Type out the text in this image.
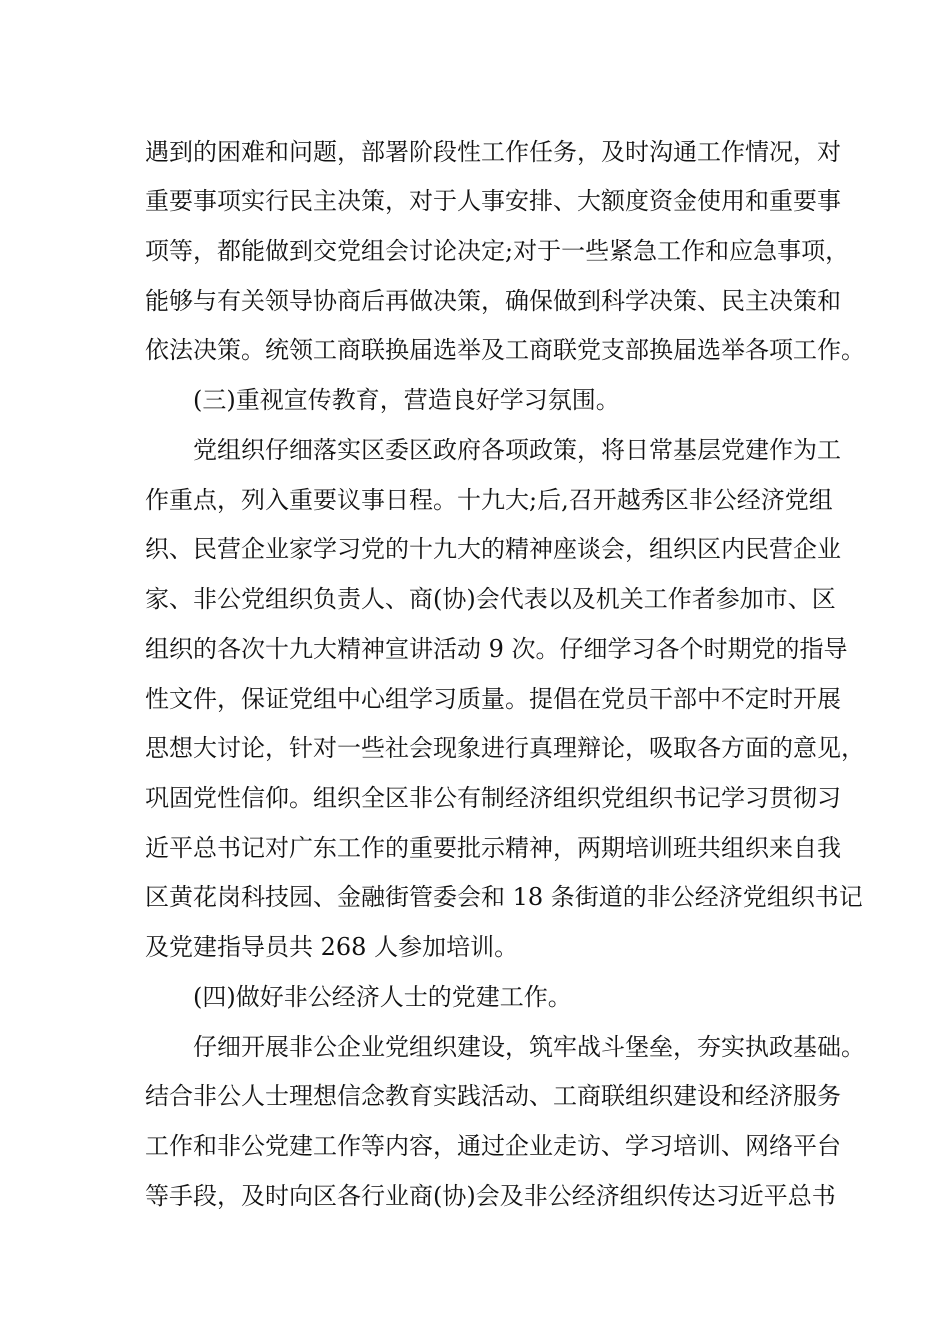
遇到的困难和问题，部署阶段性工作任务，及时沟通工作情况，对
重要事项实行民主决策，对于人事安排、大额度资金使用和重要事
项等，都能做到交党组会讨论决定;对于一些紧急工作和应急事项，
能够与有关领导协商后再做决策，确保做到科学决策、民主决策和
依法决策。统领工商联换届选举及工商联党支部换届选举各项工作。
(三)重视宣传教育，营造良好学习氛围。
党组织仔细落实区委区政府各项政策，将日常基层党建作为工
作重点，列入重要议事日程。十九大;后,召开越秀区非公经济党组
织、民营企业家学习党的十九大的精神座谈会，组织区内民营企业
家、非公党组织负责人、商(协)会代表以及机关工作者参加市、区
组织的各次十九大精神宣讲活动 9 次。仔细学习各个时期党的指导
性文件，保证党组中心组学习质量。提倡在党员干部中不定时开展
思想大讨论，针对一些社会现象进行真理辩论，吸取各方面的意见，
巩固党性信仰。组织全区非公有制经济组织党组织书记学习贯彻习
近平总书记对广东工作的重要批示精神，两期培训班共组织来自我
区黄花岗科技园、金融街管委会和 18 条街道的非公经济党组织书记
及党建指导员共 268 人参加培训。
(四)做好非公经济人士的党建工作。
仔细开展非公企业党组织建设，筑牢战斗堡垒，夯实执政基础。
结合非公人士理想信念教育实践活动、工商联组织建设和经济服务
工作和非公党建工作等内容，通过企业走访、学习培训、网络平台
等手段，及时向区各行业商(协)会及非公经济组织传达习近平总书
